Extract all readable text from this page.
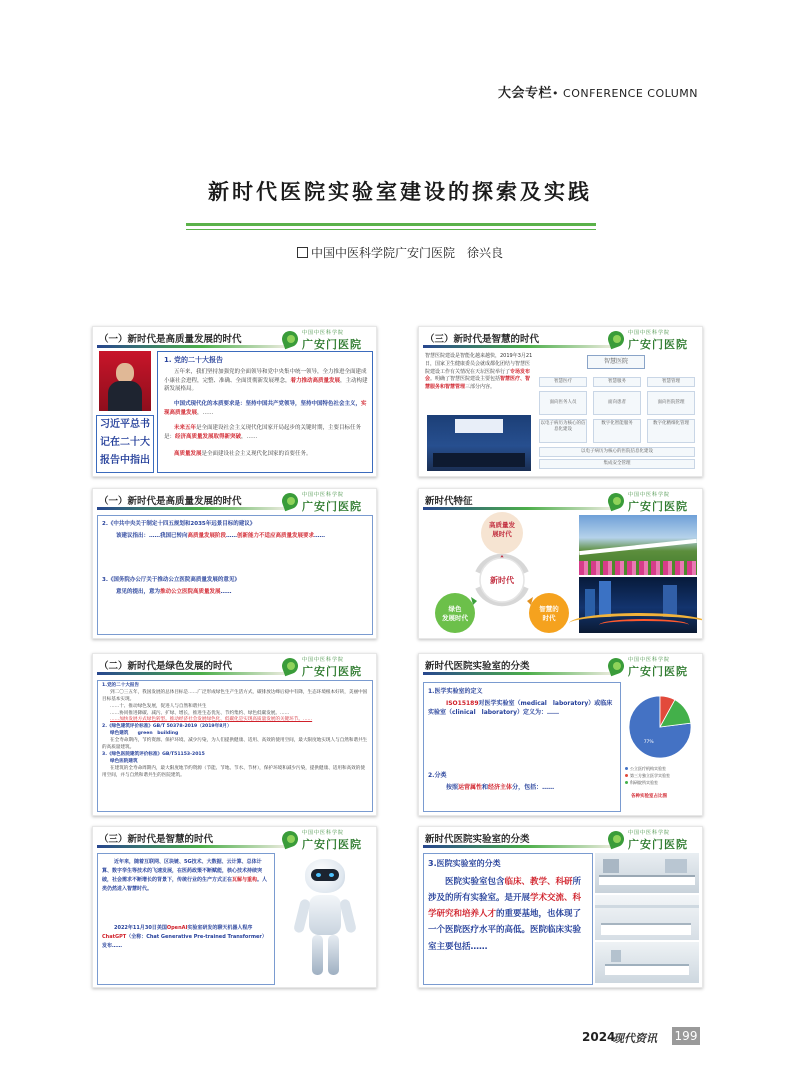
大会专栏• CONFERENCE COLUMN
新时代医院实验室建设的探索及实践
中国中医科学院广安门医院　徐兴良
（一）新时代是高质量发展的时代
中国中医科学院
广安门医院
习近平总书
记在二十大
报告中指出
1. 党的二十大报告
五年来，我们坚持加强党的全面领导和党中央集中统一领导，全力推进全面建成小康社会进程，完整、准确、全面贯彻新发展理念，着力推动高质量发展，主动构建新发展格局。
中国式现代化的本质要求是：坚持中国共产党领导，坚持中国特色社会主义，实现高质量发展，……
未来五年是全面建设社会主义现代化国家开局起步的关键时期，主要目标任务是：经济高质量发展取得新突破，……
高质量发展是全面建设社会主义现代化国家的首要任务。
（三）新时代是智慧的时代
中国中医科学院
广安门医院
智慧医院建设是智能化越来越快，2019年3月21日，国家卫生健康委员会就成都化团结与智慧医院建设工作有关情况在天坛医院举行了专场发布会。明确了智慧医院建设主要包括智慧医疗、智慧服务和智慧管理三部分内容。
智慧医院
智慧医疗	智慧服务	智慧管理
面向医务人员	面向患者	面向医院管理
以电子病历为核心的信息化建设
数字化智能服务	数字化精细化管理
以电子病历为核心的医院信息化建设
集成安全管理
（一）新时代是高质量发展的时代
中国中医科学院
广安门医院
2.《中共中央关于制定十四五规划和2035年远景目标的建议》
该建议指出：……我国已转向高质量发展阶段……创新能力不适应高质量发展要求……
3.《国务院办公厅关于推动公立医院高质量发展的意见》
意见的提出，意为推动公立医院高质量发展……
新时代特征
中国中医科学院
广安门医院
高质量发
展时代
新时代
绿色
发展时代
智慧的
时代
（二）新时代是绿色发展的时代
中国中医科学院
广安门医院
1.党的二十大报告
到二〇三五年，我国发展的总体目标是……广泛形成绿色生产生活方式，碳排放达峰后稳中有降，生态环境根本好转，美丽中国目标基本实现。
……十、推动绿色发展，促进人与自然和谐共生
……协同推进降碳、减污、扩绿、增长，推进生态优先、节约集约、绿色低碳发展。……
……加快发展方式绿色转型。推动经济社会发展绿色化、低碳化是实现高质量发展的关键环节。……
2.《绿色建筑评价标准》GB/T 50378-2019（2019年8月）
绿色建筑　　green　building
在全寿命期内，节约资源、保护环境、减少污染，为人们提供健康、适用、高效的使用空间，最大限度地实现人与自然和谐共生的高质量建筑。
3.《绿色医院建筑评价标准》GB/T51153-2015
绿色医院建筑
在建筑的全寿命周期内，最大限度地节约资源（节能、节地、节水、节材），保护环境和减少污染，提供健康、适用和高效的使用空间，并与自然和谐共生的医院建筑。
新时代医院实验室的分类
中国中医科学院
广安门医院
1.医学实验室的定义
ISO15189对医学实验室（medical　laboratory）或临床实验室（clinical　laboratory）定义为：……
2.分类
按照运营属性和经济主体分，包括：……
77%
公立医疗机构实验室
第三方独立医学实验室
科研院所实验室
各种实验室占比图
（三）新时代是智慧的时代
中国中医科学院
广安门医院
近年来，随着互联网、区块链、5G技术、大数据、云计算、总体计算、数字孪生等技术的飞速发展，在医药政策不断赋能，核心技术持续突破，社会需求不断增长的背景下，传统行业的生产方式正在瓦解与重构。人类仍然进入智慧时代。
2022年11月30日美国OpenAI实验室研发的聊天机器人程序ChatGPT（全称：Chat Generative Pre-trained Transformer）发布……
新时代医院实验室的分类
中国中医科学院
广安门医院
3.医院实验室的分类
医院实验室包含临床、教学、科研所涉及的所有实验室。是开展学术交流、科学研究和培养人才的重要基地，也体现了一个医院医疗水平的高低。医院临床实验室主要包括……
2024
现代资讯 199
